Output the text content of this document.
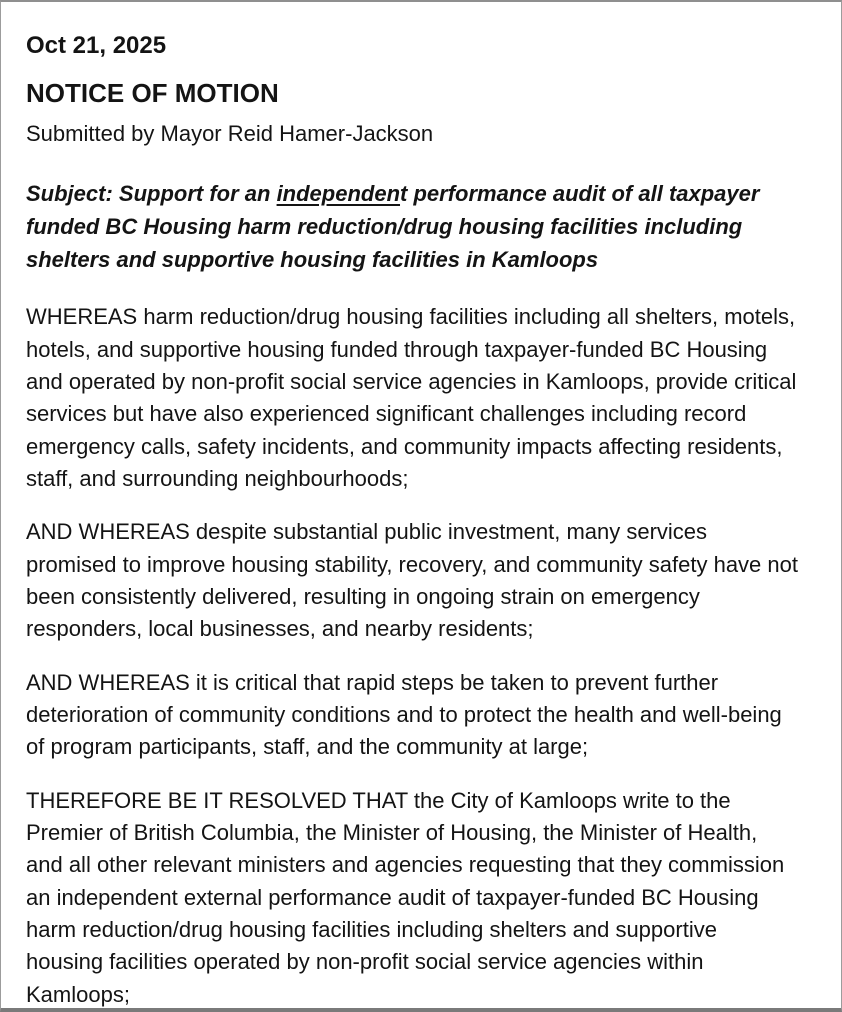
Oct 21, 2025

NOTICE OF MOTION

Submitted by Mayor Reid Hamer-Jackson

Subject: Support for an independent performance audit of all taxpayer funded BC Housing harm reduction/drug housing facilities including shelters and supportive housing facilities in Kamloops

WHEREAS harm reduction/drug housing facilities including all shelters, motels, hotels, and supportive housing funded through taxpayer-funded BC Housing and operated by non-profit social service agencies in Kamloops, provide critical services but have also experienced significant challenges including record emergency calls, safety incidents, and community impacts affecting residents, staff, and surrounding neighbourhoods;

AND WHEREAS despite substantial public investment, many services promised to improve housing stability, recovery, and community safety have not been consistently delivered, resulting in ongoing strain on emergency responders, local businesses, and nearby residents;

AND WHEREAS it is critical that rapid steps be taken to prevent further deterioration of community conditions and to protect the health and well-being of program participants, staff, and the community at large;

THEREFORE BE IT RESOLVED THAT the City of Kamloops write to the Premier of British Columbia, the Minister of Housing, the Minister of Health, and all other relevant ministers and agencies requesting that they commission an independent external performance audit of taxpayer-funded BC Housing harm reduction/drug housing facilities including shelters and supportive housing facilities operated by non-profit social service agencies within Kamloops;
